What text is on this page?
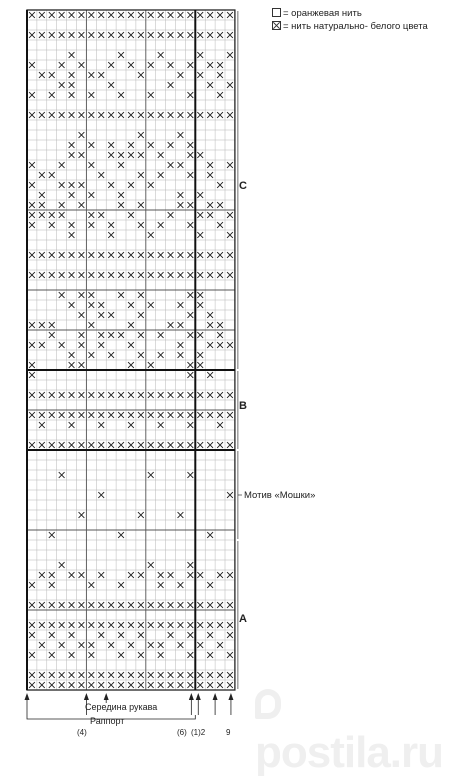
= оранжевая нить
= нить натурально- белого цвета
C
B
Мотив «Мошки»
A
Середина рукава
Раппорт
(4)	(6) (1)2	9 postila.ru
